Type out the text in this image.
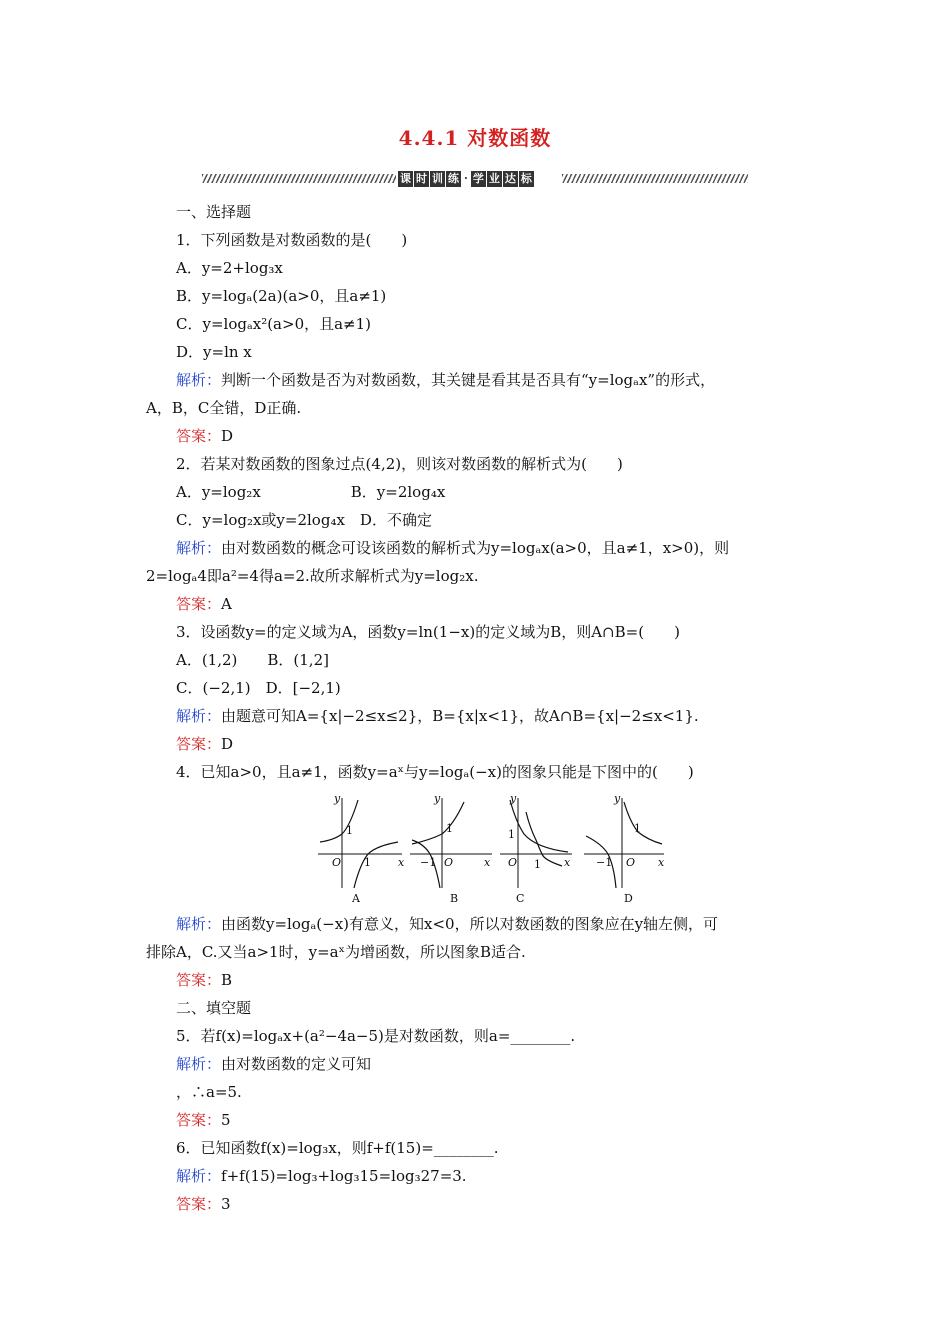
4.4.1 对数函数
课 时 训 练 · 学 业 达 标
一、选择题
1．下列函数是对数函数的是(　　)
A．y=2+log₃x
B．y=logₐ(2a)(a>0，且a≠1)
C．y=logₐx²(a>0，且a≠1)
D．y=ln x
解析：判断一个函数是否为对数函数，其关键是看其是否具有“y=logₐx”的形式，
A，B，C全错，D正确.
答案：D
2．若某对数函数的图象过点(4,2)，则该对数函数的解析式为(　　)
A．y=log₂x　　　　　　B．y=2log₄x
C．y=log₂x或y=2log₄x　D．不确定
解析：由对数函数的概念可设该函数的解析式为y=logₐx(a>0，且a≠1，x>0)，则
2=logₐ4即a²=4得a=2.故所求解析式为y=log₂x.
答案：A
3．设函数y=的定义域为A，函数y=ln(1−x)的定义域为B，则A∩B=(　　)
A．(1,2)　　B．(1,2]
C．(−2,1)　D．[−2,1)
解析：由题意可知A={x|−2≤x≤2}，B={x|x<1}，故A∩B={x|−2≤x<1}.
答案：D
4．已知a>0，且a≠1，函数y=aˣ与y=logₐ(−x)的图象只能是下图中的(　　)
解析：由函数y=logₐ(−x)有意义，知x<0，所以对数函数的图象应在y轴左侧，可
排除A，C.又当a>1时，y=aˣ为增函数，所以图象B适合.
答案：B
二、填空题
5．若f(x)=logₐx+(a²−4a−5)是对数函数，则a=________.
解析：由对数函数的定义可知
，∴a=5.
答案：5
6．已知函数f(x)=log₃x，则f+f(15)=________.
解析：f+f(15)=log₃+log₃15=log₃27=3.
答案：3
y
x
O
1
1
A
y
x
O
1
−1
B
y
x
O
1
1
C
y
x
O
1
−1
D
